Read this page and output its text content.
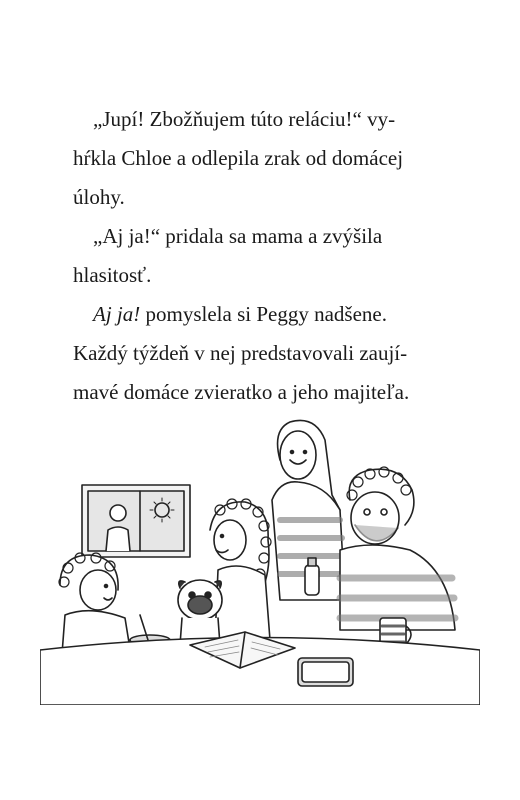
„Jupí! Zbožňujem túto reláciu!“ vy-
hŕkla Chloe a odlepila zrak od domácej
úlohy.
„Aj ja!“ pridala sa mama a zvýšila
hlasitosť.
Aj ja! pomyslela si Peggy nadšene.
Každý týždeň v nej predstavovali zaují-
mavé domáce zvieratko a jeho majiteľa.
